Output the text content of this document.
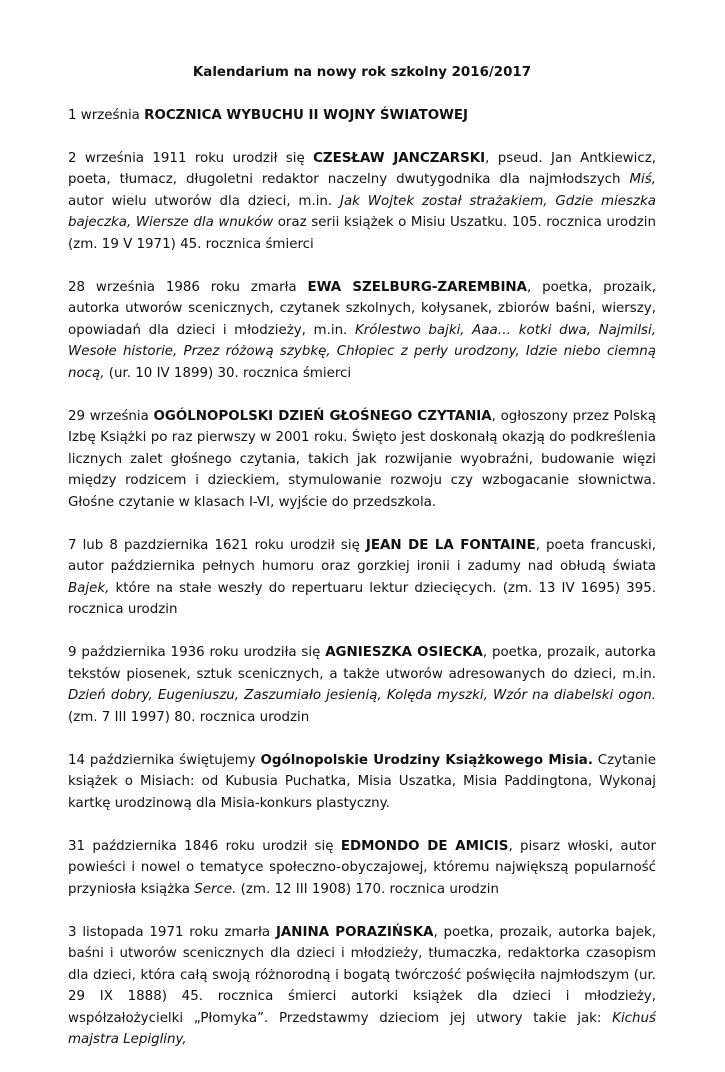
Kalendarium na nowy rok szkolny 2016/2017
1 września ROCZNICA WYBUCHU II WOJNY ŚWIATOWEJ
2 września 1911 roku urodził się CZESŁAW JANCZARSKI, pseud. Jan Antkiewicz, poeta, tłumacz, długoletni redaktor naczelny dwutygodnika dla najmłodszych Miś, autor wielu utworów dla dzieci, m.in. Jak Wojtek został strażakiem, Gdzie mieszka bajeczka, Wiersze dla wnuków oraz serii książek o Misiu Uszatku. 105. rocznica urodzin (zm. 19 V 1971) 45. rocznica śmierci
28 września 1986 roku zmarła EWA SZELBURG-ZAREMBINA, poetka, prozaik, autorka utworów scenicznych, czytanek szkolnych, kołysanek, zbiorów baśni, wierszy, opowiadań dla dzieci i młodzieży, m.in. Królestwo bajki, Aaa… kotki dwa, Najmilsi, Wesołe historie, Przez różową szybkę, Chłopiec z perły urodzony, Idzie niebo ciemną nocą, (ur. 10 IV 1899) 30. rocznica śmierci
29 września OGÓLNOPOLSKI DZIEŃ GŁOŚNEGO CZYTANIA, ogłoszony przez Polską Izbę Książki po raz pierwszy w 2001 roku. Święto jest doskonałą okazją do podkreślenia licznych zalet głośnego czytania, takich jak rozwijanie wyobraźni, budowanie więzi między rodzicem i dzieckiem, stymulowanie rozwoju czy wzbogacanie słownictwa. Głośne czytanie w klasach I-VI, wyjście do przedszkola.
7 lub 8 pazdziernika 1621 roku urodził się JEAN DE LA FONTAINE, poeta francuski, autor października pełnych humoru oraz gorzkiej ironii i zadumy nad obłudą świata Bajek, które na stałe weszły do repertuaru lektur dziecięcych. (zm. 13 IV 1695) 395. rocznica urodzin
9 października 1936 roku urodziła się AGNIESZKA OSIECKA, poetka, prozaik, autorka tekstów piosenek, sztuk scenicznych, a także utworów adresowanych do dzieci, m.in. Dzień dobry, Eugeniuszu, Zaszumiało jesienią, Kolęda myszki, Wzór na diabelski ogon. (zm. 7 III 1997) 80. rocznica urodzin
14 października świętujemy Ogólnopolskie Urodziny Książkowego Misia. Czytanie książek o Misiach: od Kubusia Puchatka, Misia Uszatka, Misia Paddingtona, Wykonaj kartkę urodzinową dla Misia-konkurs plastyczny.
31 października 1846 roku urodził się EDMONDO DE AMICIS, pisarz włoski, autor powieści i nowel o tematyce społeczno-obyczajowej, któremu największą popularność przyniosła książka Serce. (zm. 12 III 1908) 170. rocznica urodzin
3 listopada 1971 roku zmarła JANINA PORAZIŃSKA, poetka, prozaik, autorka bajek, baśni i utworów scenicznych dla dzieci i młodzieży, tłumaczka, redaktorka czasopism dla dzieci, która całą swoją różnorodną i bogatą twórczość poświęciła najmłodszym (ur. 29 IX 1888) 45. rocznica śmierci autorki książek dla dzieci i młodzieży, współzałożycielki „Płomyka”. Przedstawmy dzieciom jej utwory takie jak: Kichuś majstra Lepigliny,
